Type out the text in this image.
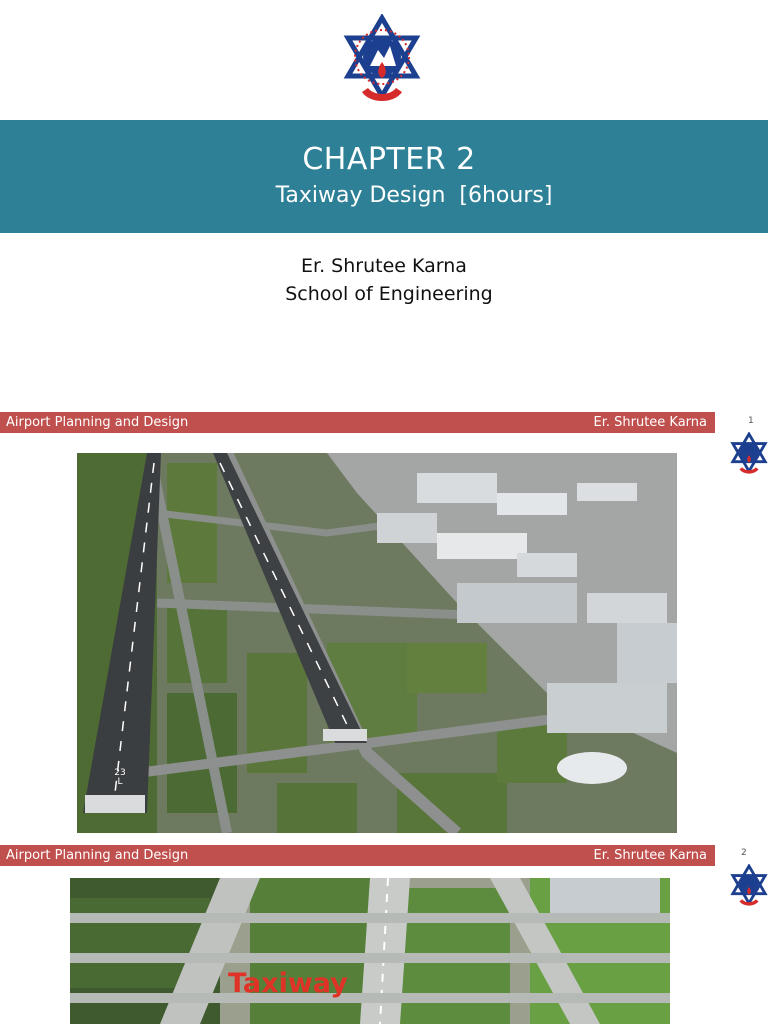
CHAPTER 2
Taxiway Design  [6hours]
Er. Shrutee Karna
School of Engineering
Airport Planning and Design	Er. Shrutee Karna	1
23
L
Airport Planning and Design	Er. Shrutee Karna	2
Taxiway
